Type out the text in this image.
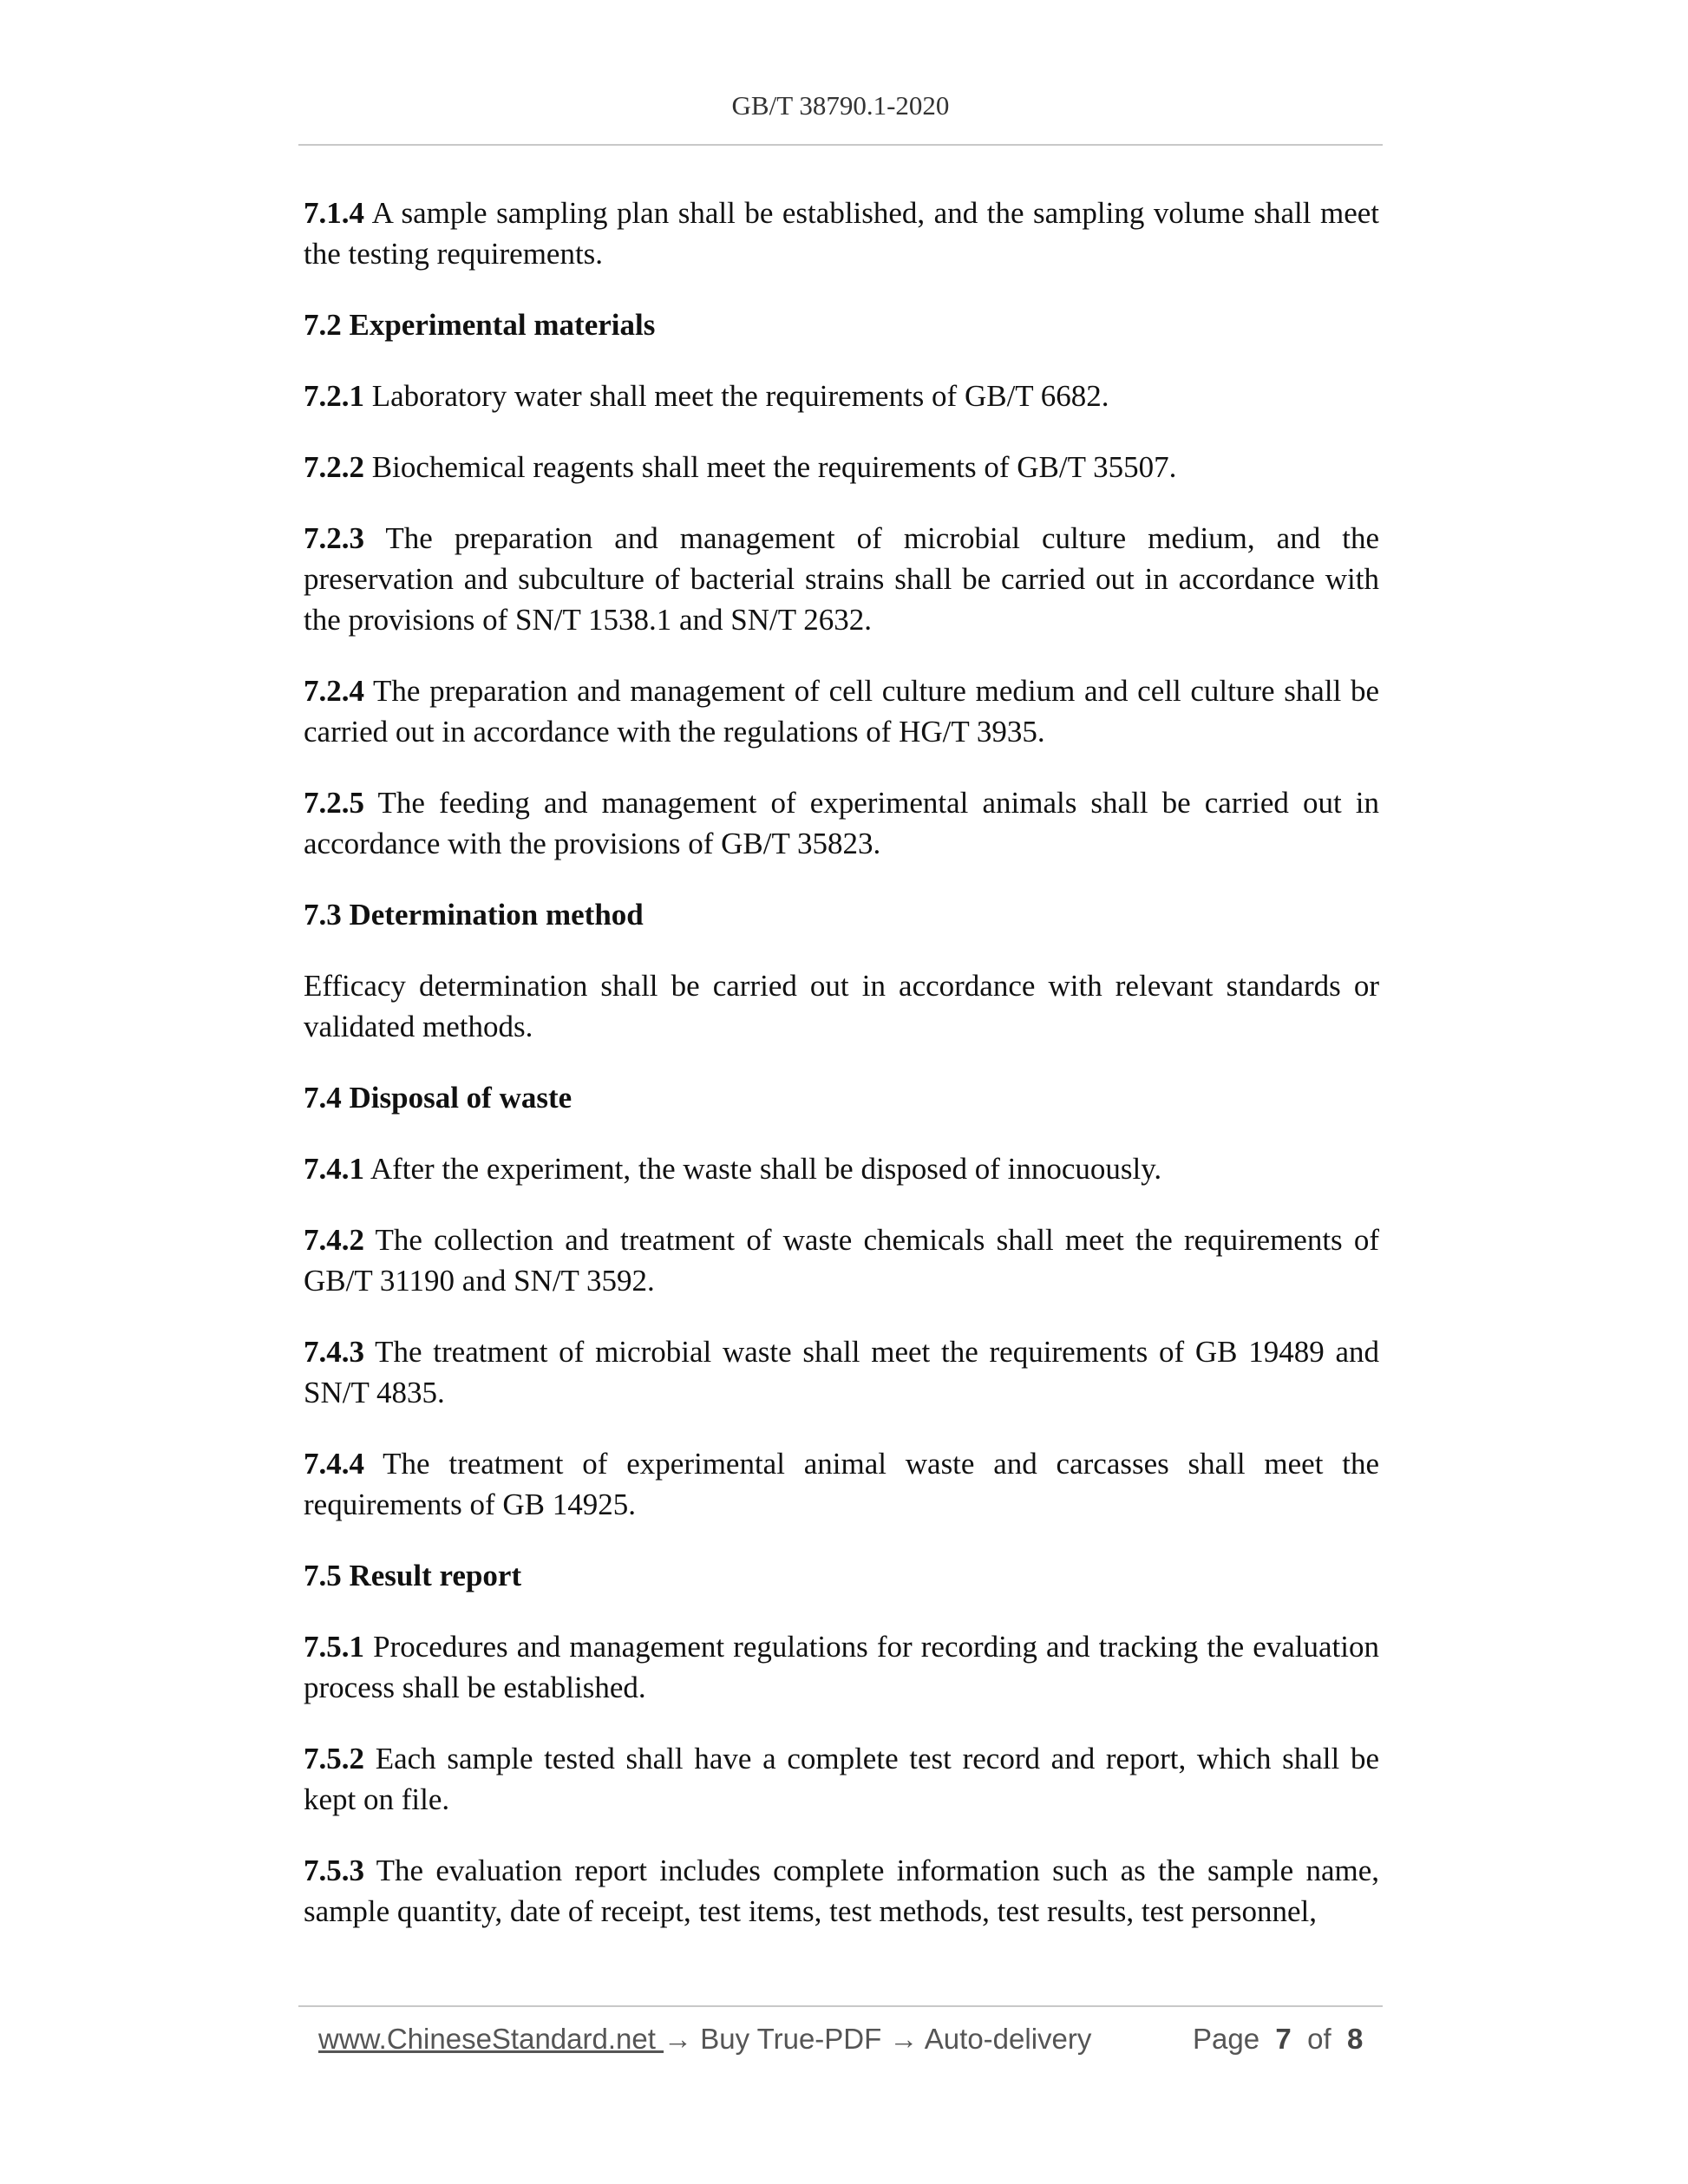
GB/T 38790.1-2020

7.1.4 A sample sampling plan shall be established, and the sampling volume shall meet the testing requirements.

7.2 Experimental materials

7.2.1 Laboratory water shall meet the requirements of GB/T 6682.

7.2.2 Biochemical reagents shall meet the requirements of GB/T 35507.

7.2.3 The preparation and management of microbial culture medium, and the preservation and subculture of bacterial strains shall be carried out in accordance with the provisions of SN/T 1538.1 and SN/T 2632.

7.2.4 The preparation and management of cell culture medium and cell culture shall be carried out in accordance with the regulations of HG/T 3935.

7.2.5 The feeding and management of experimental animals shall be carried out in accordance with the provisions of GB/T 35823.

7.3 Determination method

Efficacy determination shall be carried out in accordance with relevant standards or validated methods.

7.4 Disposal of waste

7.4.1 After the experiment, the waste shall be disposed of innocuously.

7.4.2 The collection and treatment of waste chemicals shall meet the requirements of GB/T 31190 and SN/T 3592.

7.4.3 The treatment of microbial waste shall meet the requirements of GB 19489 and SN/T 4835.

7.4.4 The treatment of experimental animal waste and carcasses shall meet the requirements of GB 14925.

7.5 Result report

7.5.1 Procedures and management regulations for recording and tracking the evaluation process shall be established.

7.5.2 Each sample tested shall have a complete test record and report, which shall be kept on file.

7.5.3 The evaluation report includes complete information such as the sample name, sample quantity, date of receipt, test items, test methods, test results, test personnel,

www.ChineseStandard.net → Buy True-PDF → Auto-delivery	Page 7 of 8
